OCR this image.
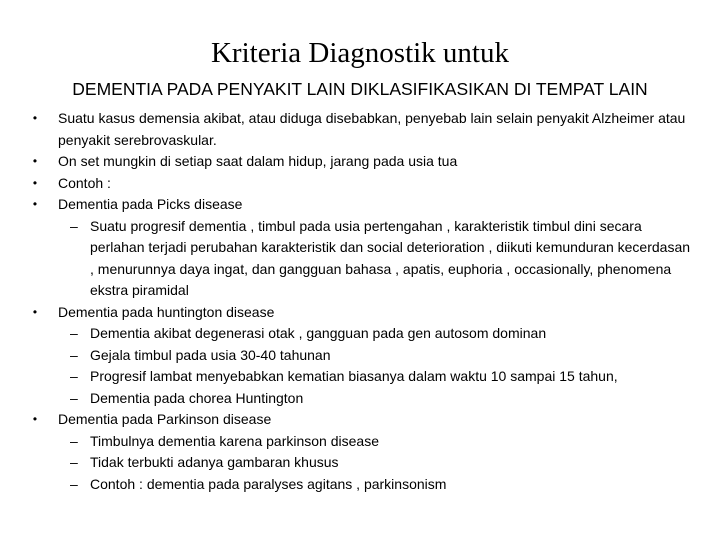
Kriteria Diagnostik untuk
DEMENTIA PADA PENYAKIT LAIN DIKLASIFIKASIKAN DI TEMPAT LAIN
• Suatu kasus demensia akibat, atau diduga disebabkan, penyebab lain selain penyakit Alzheimer atau penyakit serebrovaskular.
• On set mungkin di setiap saat dalam hidup, jarang pada usia tua
• Contoh :
• Dementia pada Picks disease
– Suatu progresif dementia , timbul pada usia pertengahan , karakteristik timbul dini secara perlahan terjadi perubahan karakteristik dan social deterioration , diikuti kemunduran kecerdasan , menurunnya daya ingat, dan gangguan bahasa , apatis, euphoria , occasionally, phenomena ekstra piramidal
• Dementia pada huntington disease
– Dementia akibat degenerasi otak , gangguan pada gen autosom dominan
– Gejala timbul pada usia 30-40 tahunan
– Progresif lambat menyebabkan kematian biasanya dalam waktu 10 sampai 15 tahun,
– Dementia pada chorea Huntington
• Dementia pada Parkinson disease
– Timbulnya dementia karena parkinson disease
– Tidak terbukti adanya gambaran khusus
– Contoh : dementia pada paralyses agitans , parkinsonism
